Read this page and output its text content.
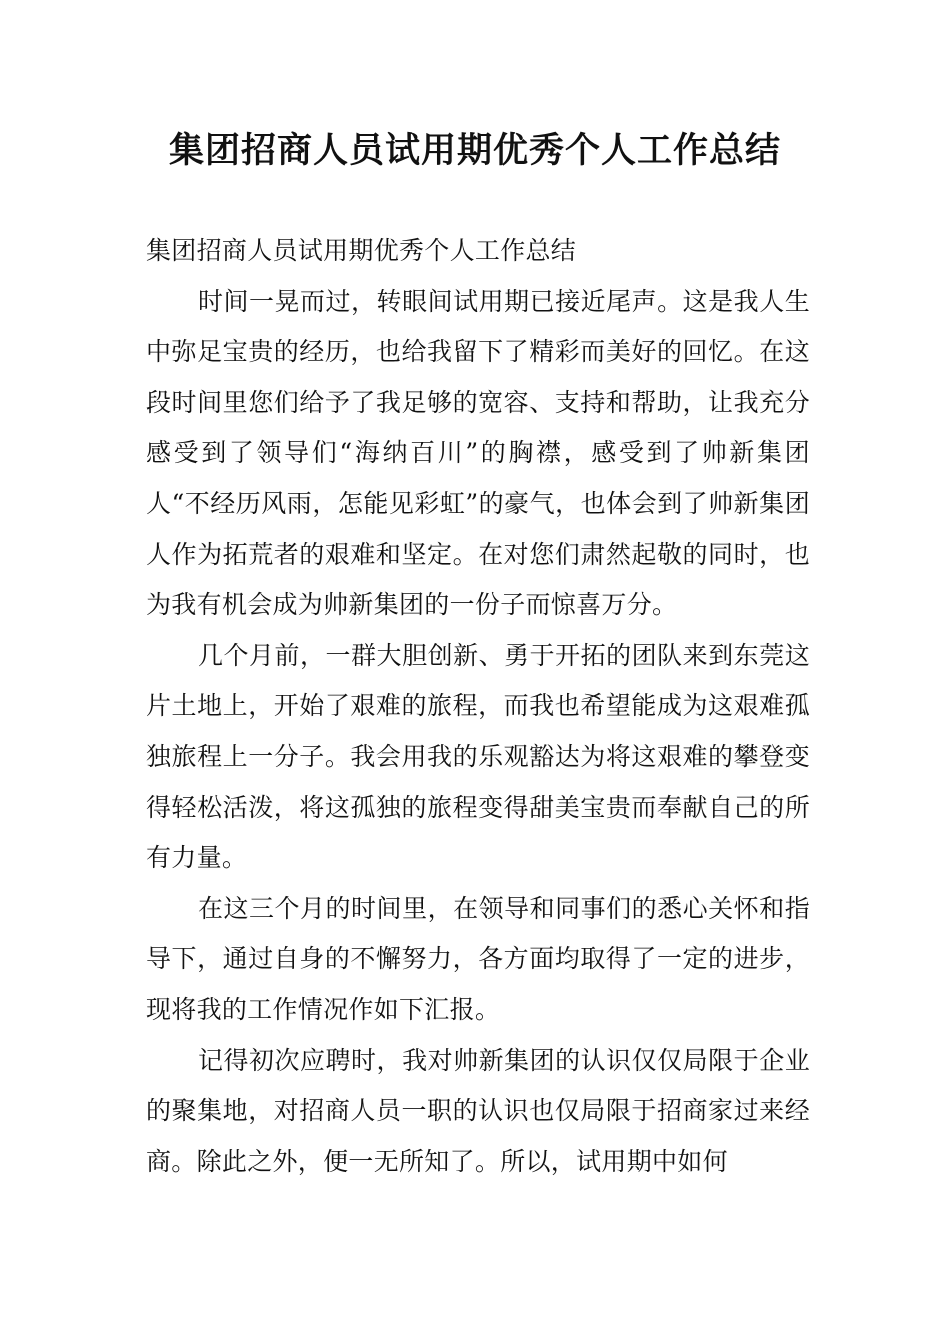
集团招商人员试用期优秀个人工作总结

集团招商人员试用期优秀个人工作总结

时间一晃而过，转眼间试用期已接近尾声。这是我人生中弥足宝贵的经历，也给我留下了精彩而美好的回忆。在这段时间里您们给予了我足够的宽容、支持和帮助，让我充分感受到了领导们“海纳百川”的胸襟，感受到了帅新集团人“不经历风雨，怎能见彩虹”的豪气，也体会到了帅新集团人作为拓荒者的艰难和坚定。在对您们肃然起敬的同时，也为我有机会成为帅新集团的一份子而惊喜万分。

几个月前，一群大胆创新、勇于开拓的团队来到东莞这片土地上，开始了艰难的旅程，而我也希望能成为这艰难孤独旅程上一分子。我会用我的乐观豁达为将这艰难的攀登变得轻松活泼，将这孤独的旅程变得甜美宝贵而奉献自己的所有力量。

在这三个月的时间里，在领导和同事们的悉心关怀和指导下，通过自身的不懈努力，各方面均取得了一定的进步，现将我的工作情况作如下汇报。

记得初次应聘时，我对帅新集团的认识仅仅局限于企业的聚集地，对招商人员一职的认识也仅局限于招商家过来经商。除此之外，便一无所知了。所以，试用期中如何
